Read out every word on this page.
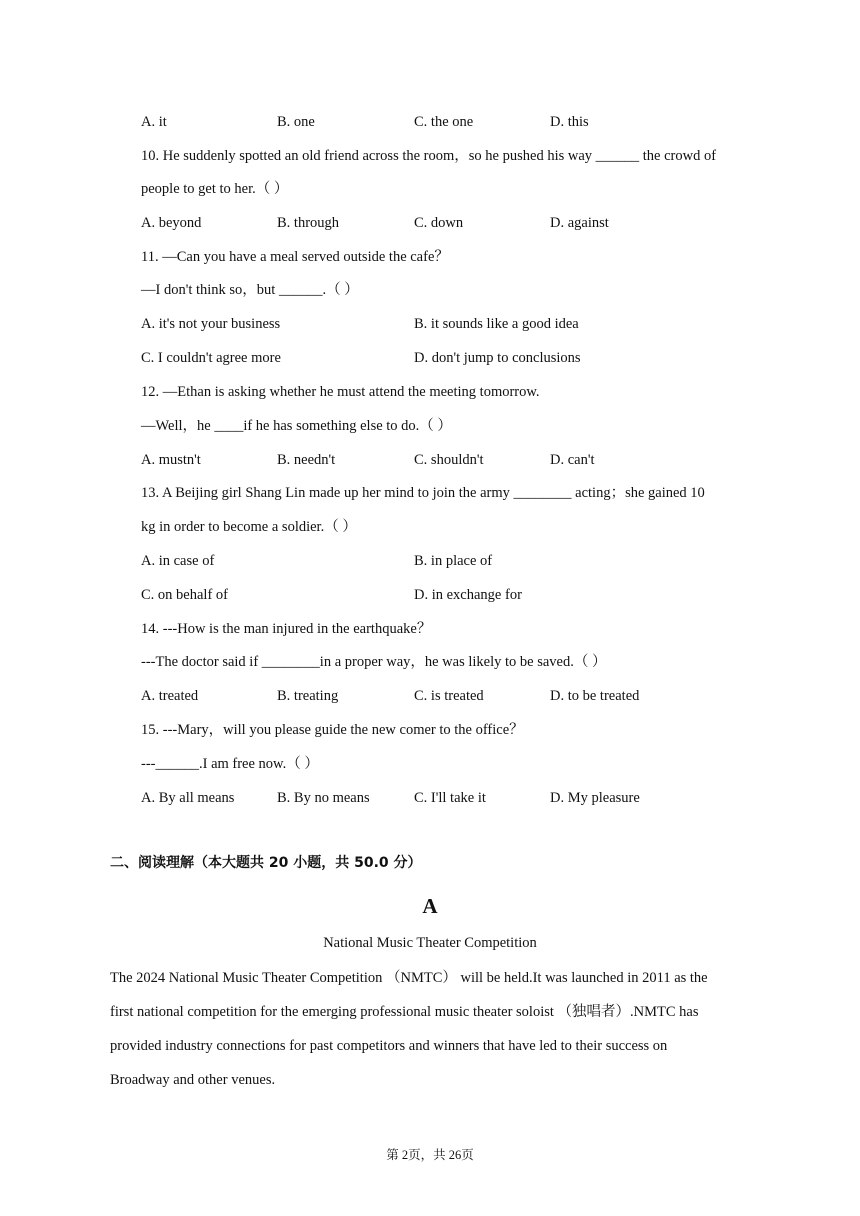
A. it	B. one	C. the one	D. this
10. He suddenly spotted an old friend across the room，so he pushed his way ______ the crowd of
people to get to her.（ ）
A. beyond	B. through	C. down	D. against
11. —Can you have a meal served outside the cafe？
—I don't think so，but ______.（ ）
A. it's not your business	B. it sounds like a good idea
C. I couldn't agree more	D. don't jump to conclusions
12. —Ethan is asking whether he must attend the meeting tomorrow.
—Well，he ____if he has something else to do.（ ）
A. mustn't	B. needn't	C. shouldn't	D. can't
13. A Beijing girl Shang Lin made up her mind to join the army ________ acting；she gained 10
kg in order to become a soldier.（ ）
A. in case of	B. in place of
C. on behalf of	D. in exchange for
14. ---How is the man injured in the earthquake？
---The doctor said if ________in a proper way，he was likely to be saved.（ ）
A. treated	B. treating	C. is treated	D. to be treated
15. ---Mary，will you please guide the new comer to the office？
---______.I am free now.（ ）
A. By all means	B. By no means	C. I'll take it	D. My pleasure
二、阅读理解（本大题共 20 小题，共 50.0 分）
A
National Music Theater Competition
The 2024 National Music Theater Competition （NMTC） will be held.It was launched in 2011 as the
first national competition for the emerging professional music theater soloist （独唱者）.NMTC has
provided industry connections for past competitors and winners that have led to their success on
Broadway and other venues.
第 2页，共 26页
